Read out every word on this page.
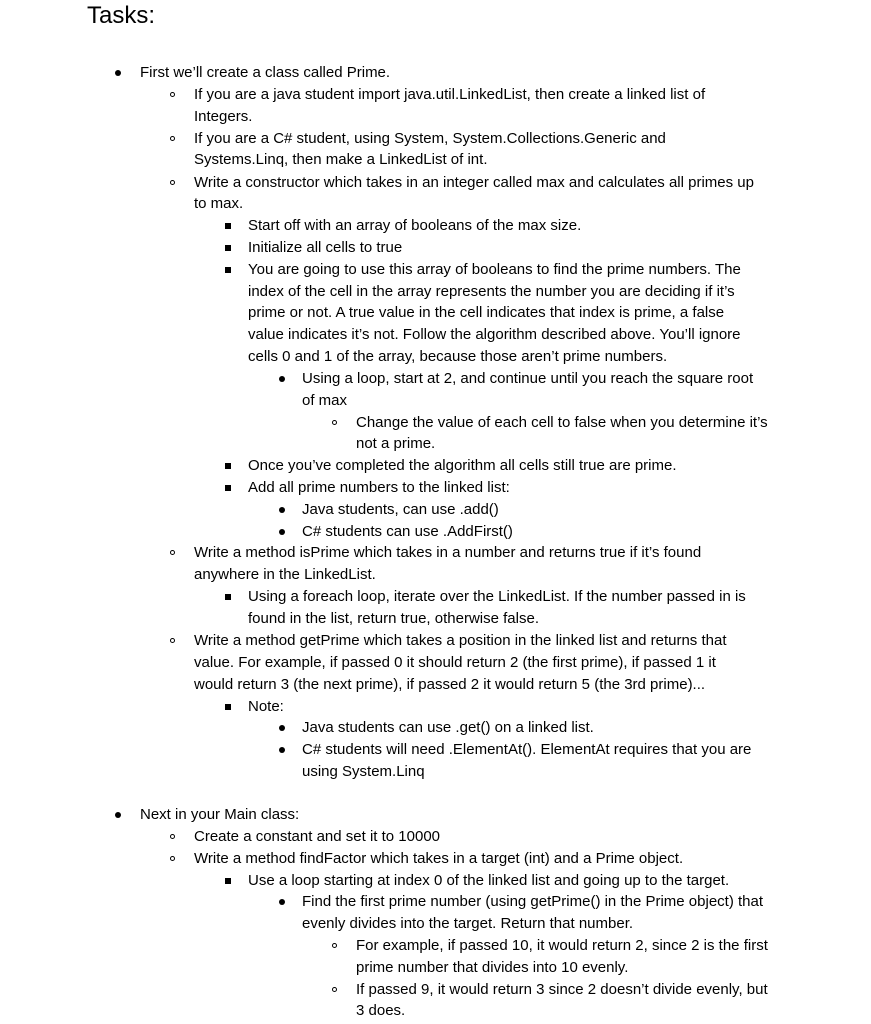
Tasks:
First we’ll create a class called Prime.
If you are a java student import java.util.LinkedList, then create a linked list of
Integers.
If you are a C# student, using System, System.Collections.Generic and
Systems.Linq, then make a LinkedList of int.
Write a constructor which takes in an integer called max and calculates all primes up
to max.
Start off with an array of booleans of the max size.
Initialize all cells to true
You are going to use this array of booleans to find the prime numbers. The
index of the cell in the array represents the number you are deciding if it’s
prime or not. A true value in the cell indicates that index is prime, a false
value indicates it’s not. Follow the algorithm described above. You’ll ignore
cells 0 and 1 of the array, because those aren’t prime numbers.
Using a loop, start at 2, and continue until you reach the square root
of max
Change the value of each cell to false when you determine it’s
not a prime.
Once you’ve completed the algorithm all cells still true are prime.
Add all prime numbers to the linked list:
Java students, can use .add()
C# students can use .AddFirst()
Write a method isPrime which takes in a number and returns true if it’s found
anywhere in the LinkedList.
Using a foreach loop, iterate over the LinkedList. If the number passed in is
found in the list, return true, otherwise false.
Write a method getPrime which takes a position in the linked list and returns that
value. For example, if passed 0 it should return 2 (the first prime), if passed 1 it
would return 3 (the next prime), if passed 2 it would return 5 (the 3rd prime)...
Note:
Java students can use .get() on a linked list.
C# students will need .ElementAt(). ElementAt requires that you are
using System.Linq
Next in your Main class:
Create a constant and set it to 10000
Write a method findFactor which takes in a target (int) and a Prime object.
Use a loop starting at index 0 of the linked list and going up to the target.
Find the first prime number (using getPrime() in the Prime object) that
evenly divides into the target. Return that number.
For example, if passed 10, it would return 2, since 2 is the first
prime number that divides into 10 evenly.
If passed 9, it would return 3 since 2 doesn’t divide evenly, but
3 does.
